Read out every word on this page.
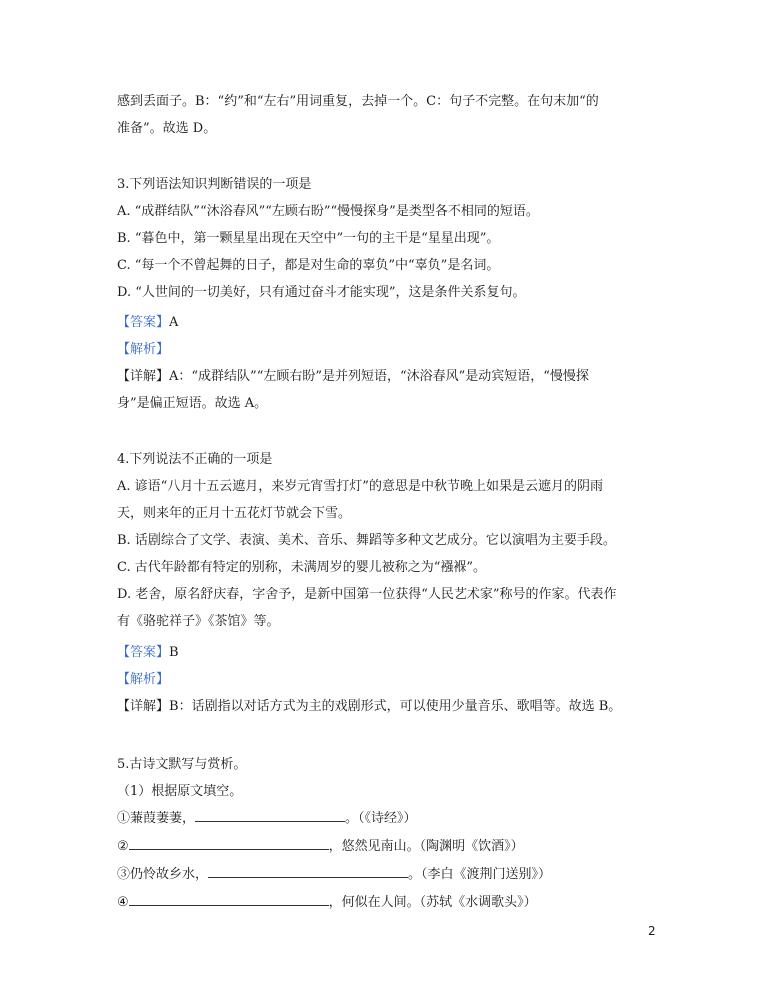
感到丢面子。B：“约”和“左右”用词重复，去掉一个。C：句子不完整。在句末加“的
准备”。故选 D。
3.下列语法知识判断错误的一项是
A. “成群结队”“沐浴春风”“左顾右盼”“慢慢探身”是类型各不相同的短语。
B. “暮色中，第一颗星星出现在天空中”一句的主干是“星星出现”。
C. “每一个不曾起舞的日子，都是对生命的辜负”中“辜负”是名词。
D. “人世间的一切美好，只有通过奋斗才能实现”，这是条件关系复句。
【答案】A
【解析】
【详解】A：“成群结队”“左顾右盼”是并列短语，“沐浴春风”是动宾短语，“慢慢探
身”是偏正短语。故选 A。
4.下列说法不正确的一项是
A. 谚语“八月十五云遮月，来岁元宵雪打灯”的意思是中秋节晚上如果是云遮月的阴雨
天，则来年的正月十五花灯节就会下雪。
B. 话剧综合了文学、表演、美术、音乐、舞蹈等多种文艺成分。它以演唱为主要手段。
C. 古代年龄都有特定的别称，未满周岁的婴儿被称之为“襁褓”。
D. 老舍，原名舒庆春，字舍予，是新中国第一位获得“人民艺术家”称号的作家。代表作
有《骆驼祥子》《茶馆》等。
【答案】B
【解析】
【详解】B：话剧指以对话方式为主的戏剧形式，可以使用少量音乐、歌唱等。故选 B。
5.古诗文默写与赏析。
（1）根据原文填空。
①蒹葭萋萋，	。（《诗经》）
②	，悠然见南山。（陶渊明《饮酒》）
③仍怜故乡水，	。（李白《渡荆门送别》）
④	，何似在人间。（苏轼《水调歌头》）
2
